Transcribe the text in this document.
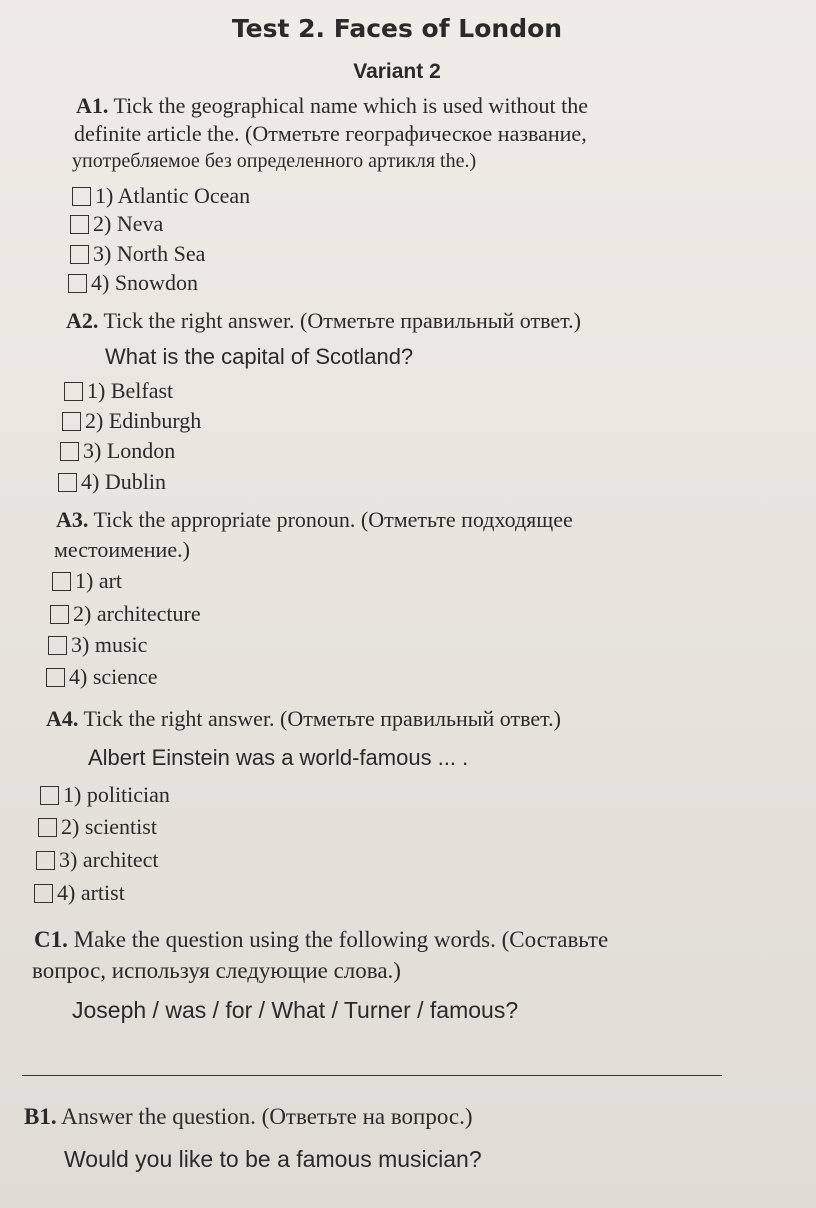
Test 2. Faces of London
Variant 2
A1. Tick the geographical name which is used without the
definite article the. (Отметьте географическое название,
употребляемое без определенного артикля the.)
1) Atlantic Ocean
2) Neva
3) North Sea
4) Snowdon
A2. Tick the right answer. (Отметьте правильный ответ.)
What is the capital of Scotland?
1) Belfast
2) Edinburgh
3) London
4) Dublin
A3. Tick the appropriate pronoun. (Отметьте подходящее
местоимение.)
1) art
2) architecture
3) music
4) science
A4. Tick the right answer. (Отметьте правильный ответ.)
Albert Einstein was a world-famous ... .
1) politician
2) scientist
3) architect
4) artist
C1. Make the question using the following words. (Составьте
вопрос, используя следующие слова.)
Joseph / was / for / What / Turner / famous?
B1. Answer the question. (Ответьте на вопрос.)
Would you like to be a famous musician?
